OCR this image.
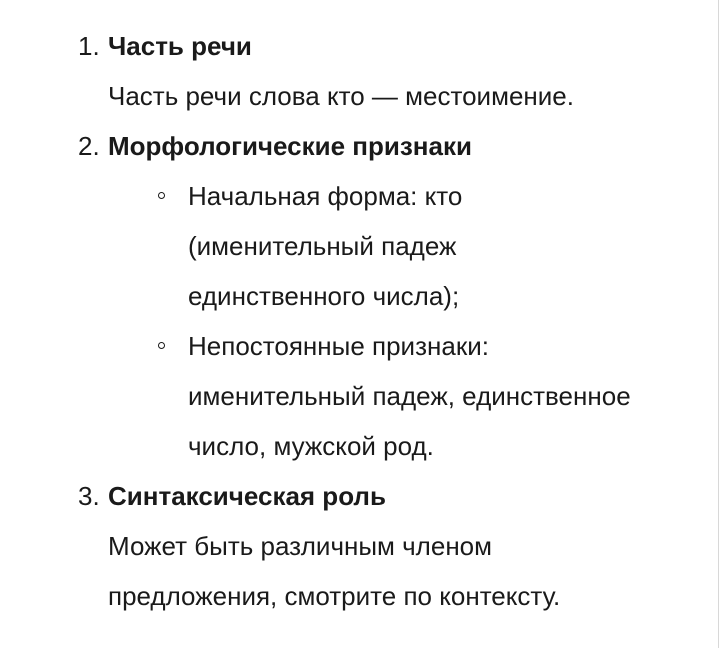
1. Часть речи
Часть речи слова кто — местоимение.
2. Морфологические признаки
Начальная форма: кто
(именительный падеж
единственного числа);
Непостоянные признаки:
именительный падеж, единственное
число, мужской род.
3. Синтаксическая роль
Может быть различным членом
предложения, смотрите по контексту.
